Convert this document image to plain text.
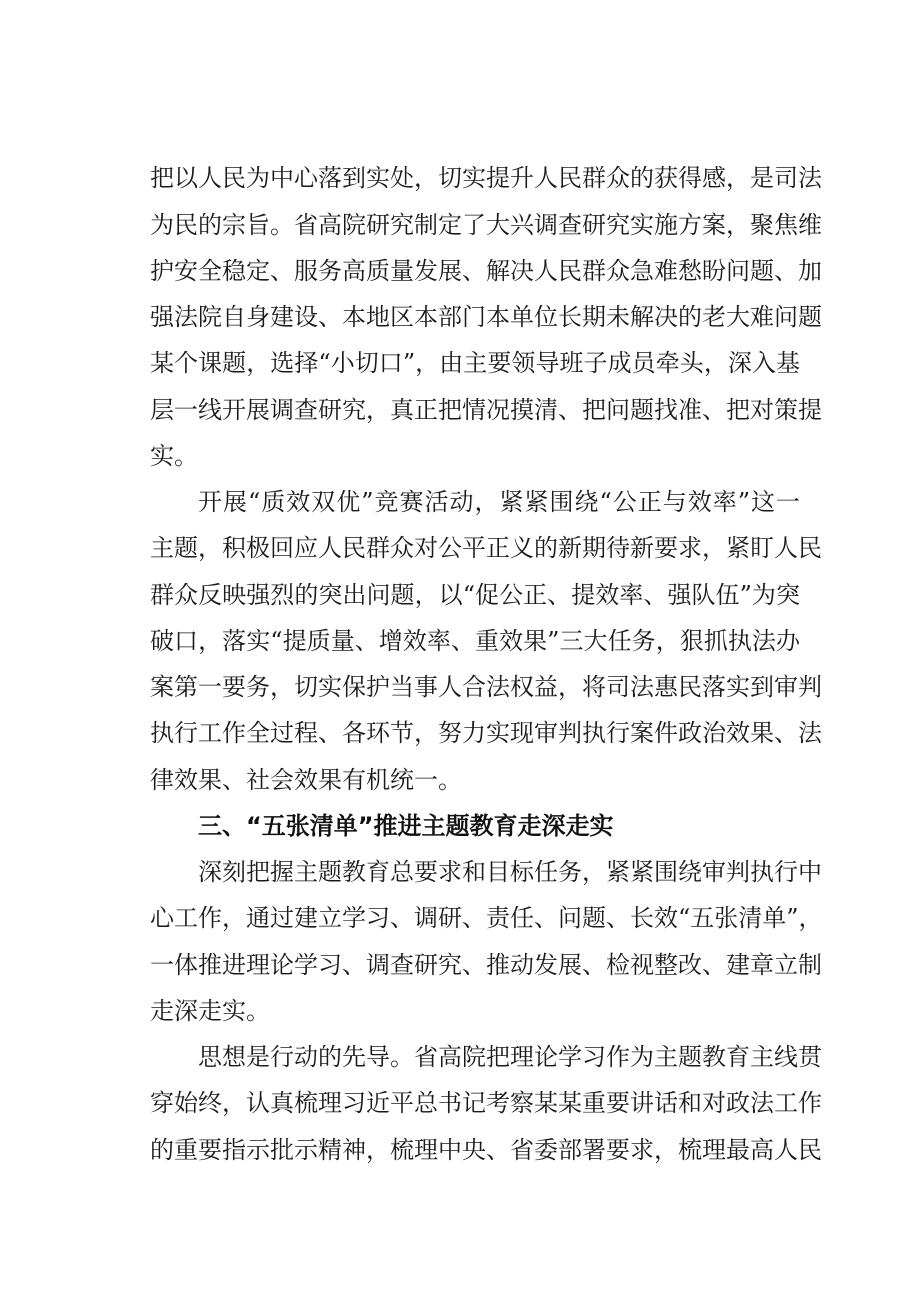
把以人民为中心落到实处，切实提升人民群众的获得感，是司法
为民的宗旨。省高院研究制定了大兴调查研究实施方案，聚焦维
护安全稳定、服务高质量发展、解决人民群众急难愁盼问题、加
强法院自身建设、本地区本部门本单位长期未解决的老大难问题
某个课题，选择“小切口”，由主要领导班子成员牵头，深入基
层一线开展调查研究，真正把情况摸清、把问题找准、把对策提
实。
开展“质效双优”竞赛活动，紧紧围绕“公正与效率”这一
主题，积极回应人民群众对公平正义的新期待新要求，紧盯人民
群众反映强烈的突出问题，以“促公正、提效率、强队伍”为突
破口，落实“提质量、增效率、重效果”三大任务，狠抓执法办
案第一要务，切实保护当事人合法权益，将司法惠民落实到审判
执行工作全过程、各环节，努力实现审判执行案件政治效果、法
律效果、社会效果有机统一。
三、“五张清单”推进主题教育走深走实
深刻把握主题教育总要求和目标任务，紧紧围绕审判执行中
心工作，通过建立学习、调研、责任、问题、长效“五张清单”，
一体推进理论学习、调查研究、推动发展、检视整改、建章立制
走深走实。
思想是行动的先导。省高院把理论学习作为主题教育主线贯
穿始终，认真梳理习近平总书记考察某某重要讲话和对政法工作
的重要指示批示精神，梳理中央、省委部署要求，梳理最高人民
